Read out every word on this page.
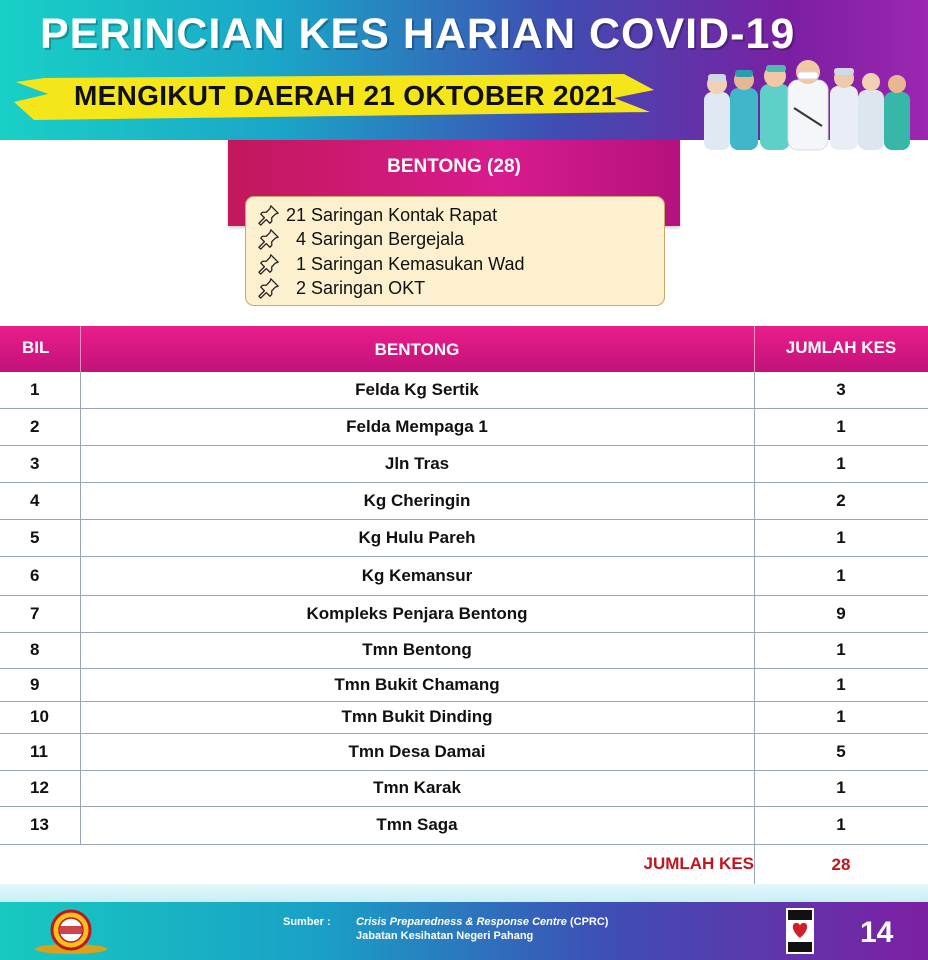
PERINCIAN KES HARIAN COVID-19
MENGIKUT DAERAH 21 OKTOBER 2021
BENTONG (28)
21 Saringan Kontak Rapat
4 Saringan Bergejala
1 Saringan Kemasukan Wad
2 Saringan OKT
BIL	BENTONG	JUMLAH KES
1	Felda Kg Sertik	3
2	Felda Mempaga 1	1
3	Jln Tras	1
4	Kg Cheringin	2
5	Kg Hulu Pareh	1
6	Kg Kemansur	1
7	Kompleks Penjara Bentong	9
8	Tmn Bentong	1
9	Tmn Bukit Chamang	1
10	Tmn Bukit Dinding	1
11	Tmn Desa Damai	5
12	Tmn Karak	1
13	Tmn Saga	1
JUMLAH KES	28
Sumber : Crisis Preparedness & Response Centre (CPRC)
Jabatan Kesihatan Negeri Pahang	14
